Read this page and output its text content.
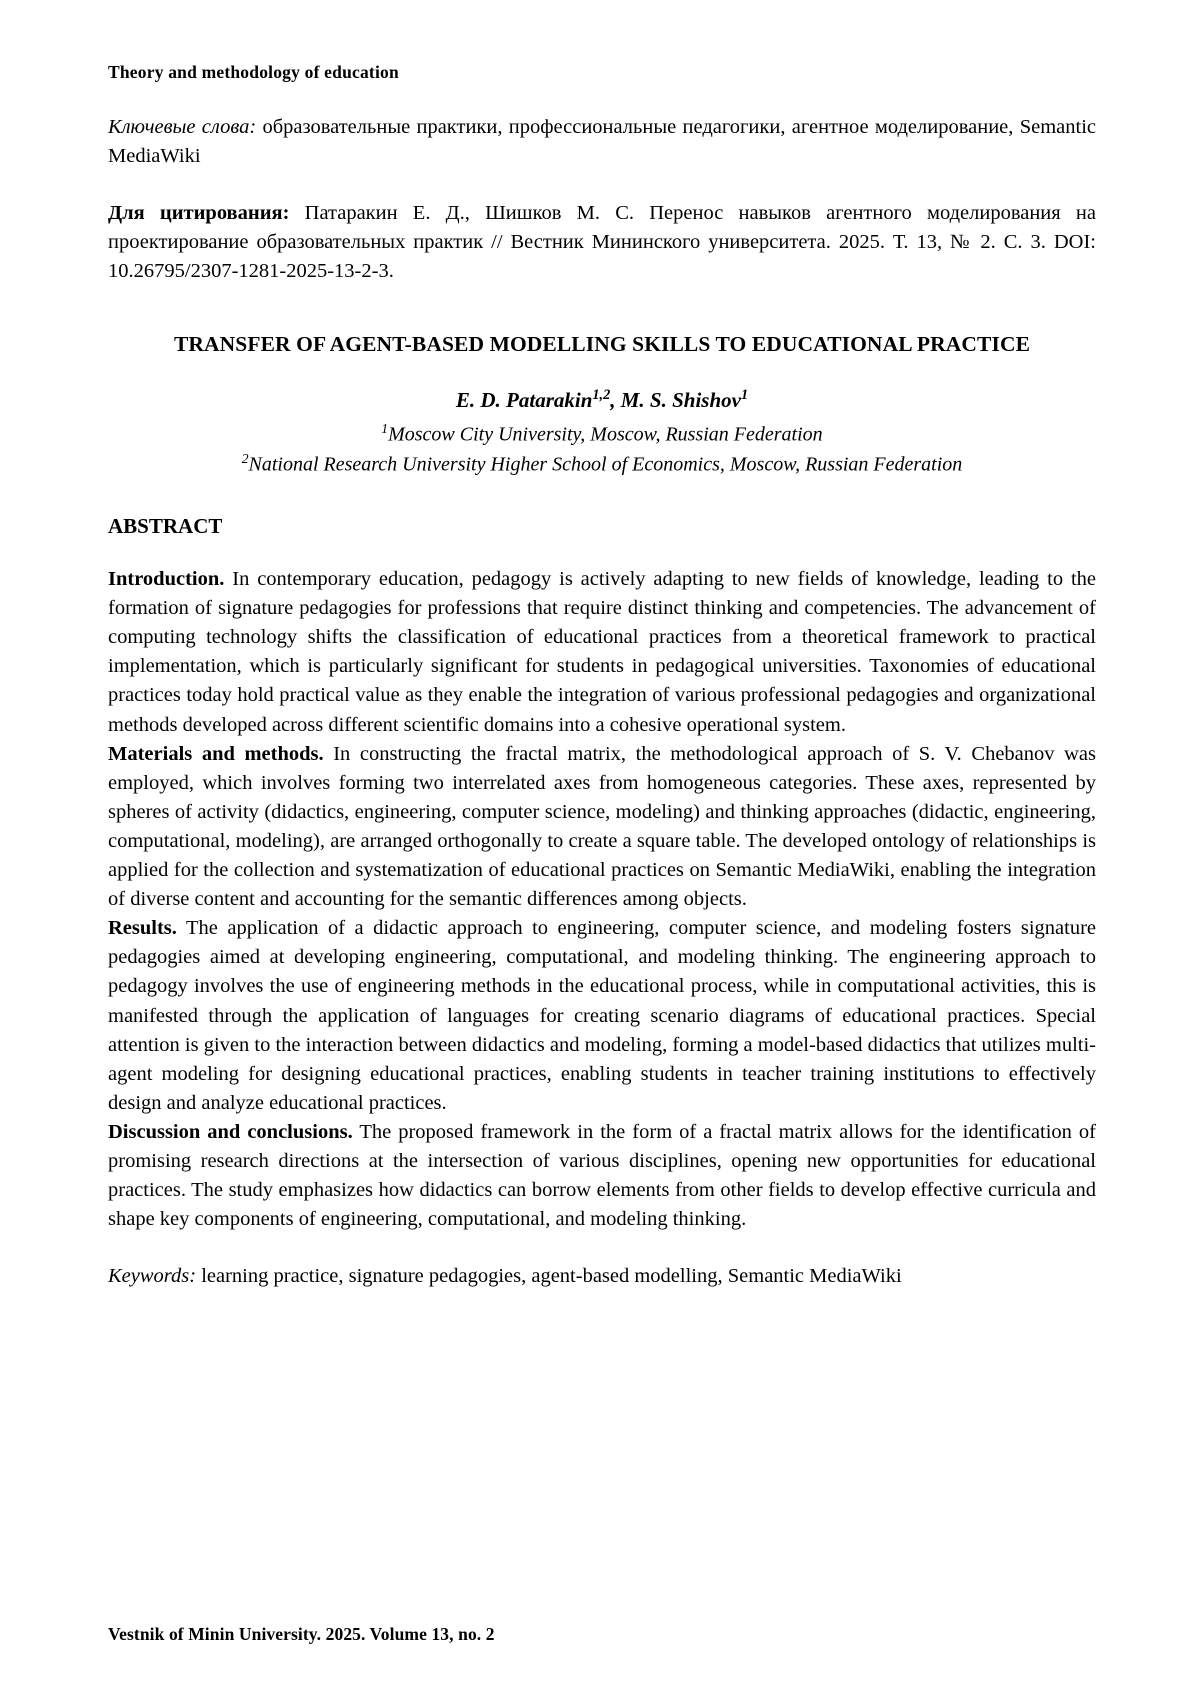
Theory and methodology of education

Ключевые слова: образовательные практики, профессиональные педагогики, агентное моделирование, Semantic MediaWiki

Для цитирования: Патаракин Е. Д., Шишков М. С. Перенос навыков агентного моделирования на проектирование образовательных практик // Вестник Мининского университета. 2025. Т. 13, № 2. С. 3. DOI: 10.26795/2307-1281-2025-13-2-3.

TRANSFER OF AGENT-BASED MODELLING SKILLS TO EDUCATIONAL PRACTICE
E. D. Patarakin$^{1,2}$, M. S. Shishov$^1$
$^1$Moscow City University, Moscow, Russian Federation
$^2$National Research University Higher School of Economics, Moscow, Russian Federation
ABSTRACT

Introduction. In contemporary education, pedagogy is actively adapting to new fields of knowledge, leading to the formation of signature pedagogies for professions that require distinct thinking and competencies. The advancement of computing technology shifts the classification of educational practices from a theoretical framework to practical implementation, which is particularly significant for students in pedagogical universities. Taxonomies of educational practices today hold practical value as they enable the integration of various professional pedagogies and organizational methods developed across different scientific domains into a cohesive operational system.

Materials and methods. In constructing the fractal matrix, the methodological approach of S. V. Chebanov was employed, which involves forming two interrelated axes from homogeneous categories. These axes, represented by spheres of activity (didactics, engineering, computer science, modeling) and thinking approaches (didactic, engineering, computational, modeling), are arranged orthogonally to create a square table. The developed ontology of relationships is applied for the collection and systematization of educational practices on Semantic MediaWiki, enabling the integration of diverse content and accounting for the semantic differences among objects.

Results. The application of a didactic approach to engineering, computer science, and modeling fosters signature pedagogies aimed at developing engineering, computational, and modeling thinking. The engineering approach to pedagogy involves the use of engineering methods in the educational process, while in computational activities, this is manifested through the application of languages for creating scenario diagrams of educational practices. Special attention is given to the interaction between didactics and modeling, forming a model-based didactics that utilizes multi-agent modeling for designing educational practices, enabling students in teacher training institutions to effectively design and analyze educational practices.

Discussion and conclusions. The proposed framework in the form of a fractal matrix allows for the identification of promising research directions at the intersection of various disciplines, opening new opportunities for educational practices. The study emphasizes how didactics can borrow elements from other fields to develop effective curricula and shape key components of engineering, computational, and modeling thinking.

Keywords: learning practice, signature pedagogies, agent-based modelling, Semantic MediaWiki

Vestnik of Minin University. 2025. Volume 13, no. 2
